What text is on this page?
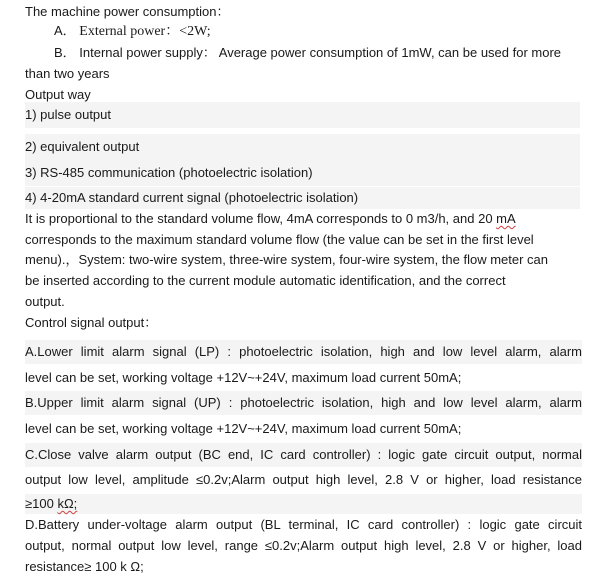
The machine power consumption：
A． External power：<2W;
B． Internal power supply： Average power consumption of 1mW, can be used for more
than two years
Output way
1) pulse output
2) equivalent output
3) RS-485 communication (photoelectric isolation)
4) 4-20mA standard current signal (photoelectric isolation)
It is proportional to the standard volume flow, 4mA corresponds to 0 m3/h, and 20 mA
corresponds to the maximum standard volume flow (the value can be set in the first level
menu).，System: two-wire system, three-wire system, four-wire system, the flow meter can
be inserted according to the current module automatic identification, and the correct
output.
Control signal output：
A.Lower limit alarm signal (LP) : photoelectric isolation, high and low level alarm, alarm
level can be set, working voltage +12V~+24V, maximum load current 50mA;
B.Upper limit alarm signal (UP) : photoelectric isolation, high and low level alarm, alarm
level can be set, working voltage +12V~+24V, maximum load current 50mA;
C.Close valve alarm output (BC end, IC card controller) : logic gate circuit output, normal
output low level, amplitude ≤0.2v;Alarm output high level, 2.8 V or higher, load resistance
≥100 kΩ;
D.Battery under-voltage alarm output (BL terminal, IC card controller) : logic gate circuit
output, normal output low level, range ≤0.2v;Alarm output high level, 2.8 V or higher, load
resistance≥ 100 k Ω;
